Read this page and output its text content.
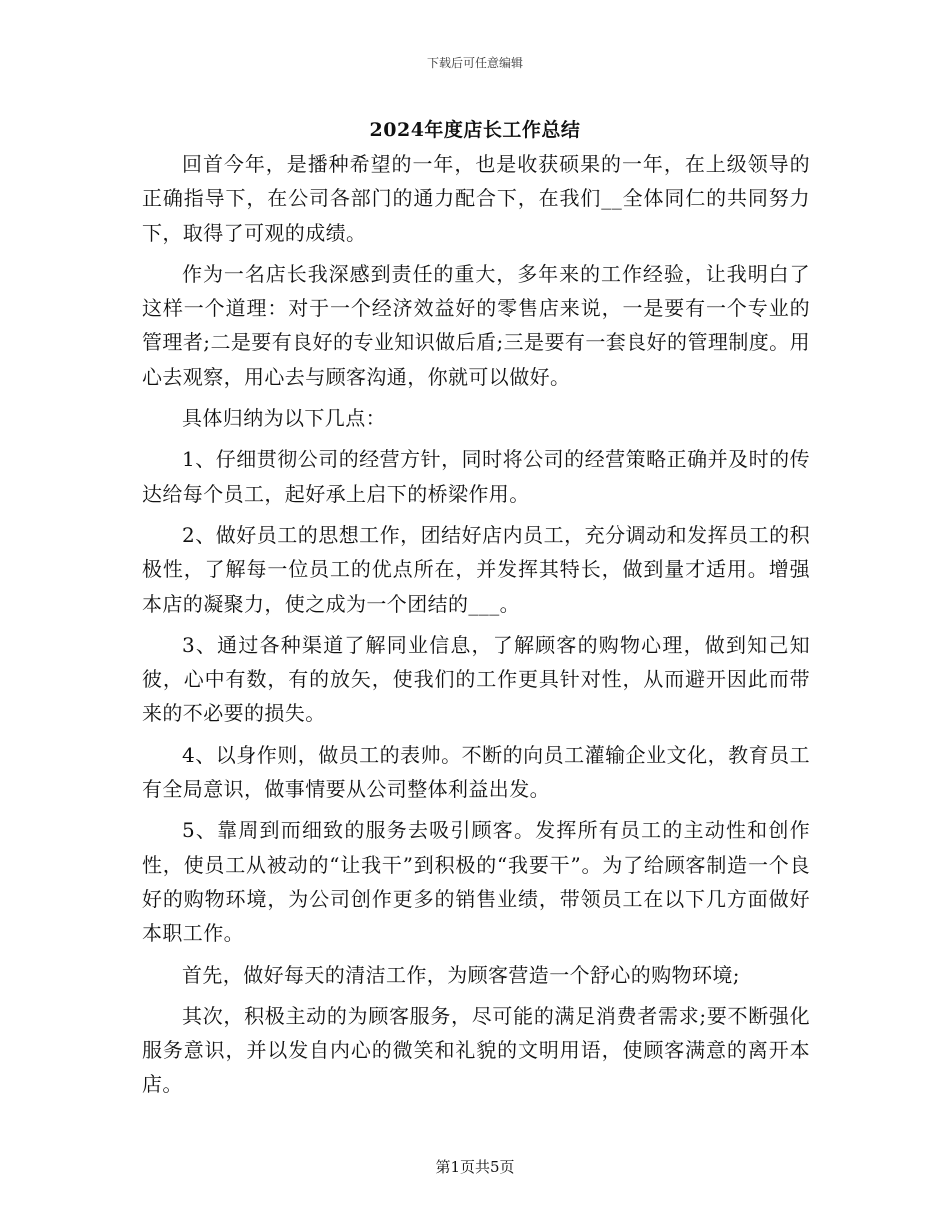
下载后可任意编辑
2024年度店长工作总结

回首今年，是播种希望的一年，也是收获硕果的一年，在上级领导的正确指导下，在公司各部门的通力配合下，在我们__全体同仁的共同努力下，取得了可观的成绩。

作为一名店长我深感到责任的重大，多年来的工作经验，让我明白了这样一个道理：对于一个经济效益好的零售店来说，一是要有一个专业的管理者;二是要有良好的专业知识做后盾;三是要有一套良好的管理制度。用心去观察，用心去与顾客沟通，你就可以做好。

具体归纳为以下几点：

1、仔细贯彻公司的经营方针，同时将公司的经营策略正确并及时的传达给每个员工，起好承上启下的桥梁作用。

2、做好员工的思想工作，团结好店内员工，充分调动和发挥员工的积极性，了解每一位员工的优点所在，并发挥其特长，做到量才适用。增强本店的凝聚力，使之成为一个团结的___。

3、通过各种渠道了解同业信息，了解顾客的购物心理，做到知己知彼，心中有数，有的放矢，使我们的工作更具针对性，从而避开因此而带来的不必要的损失。

4、以身作则，做员工的表帅。不断的向员工灌输企业文化，教育员工有全局意识，做事情要从公司整体利益出发。

5、靠周到而细致的服务去吸引顾客。发挥所有员工的主动性和创作性，使员工从被动的“让我干”到积极的“我要干”。为了给顾客制造一个良好的购物环境，为公司创作更多的销售业绩，带领员工在以下几方面做好本职工作。

首先，做好每天的清洁工作，为顾客营造一个舒心的购物环境;

其次，积极主动的为顾客服务，尽可能的满足消费者需求;要不断强化服务意识，并以发自内心的微笑和礼貌的文明用语，使顾客满意的离开本店。

第1页共5页
